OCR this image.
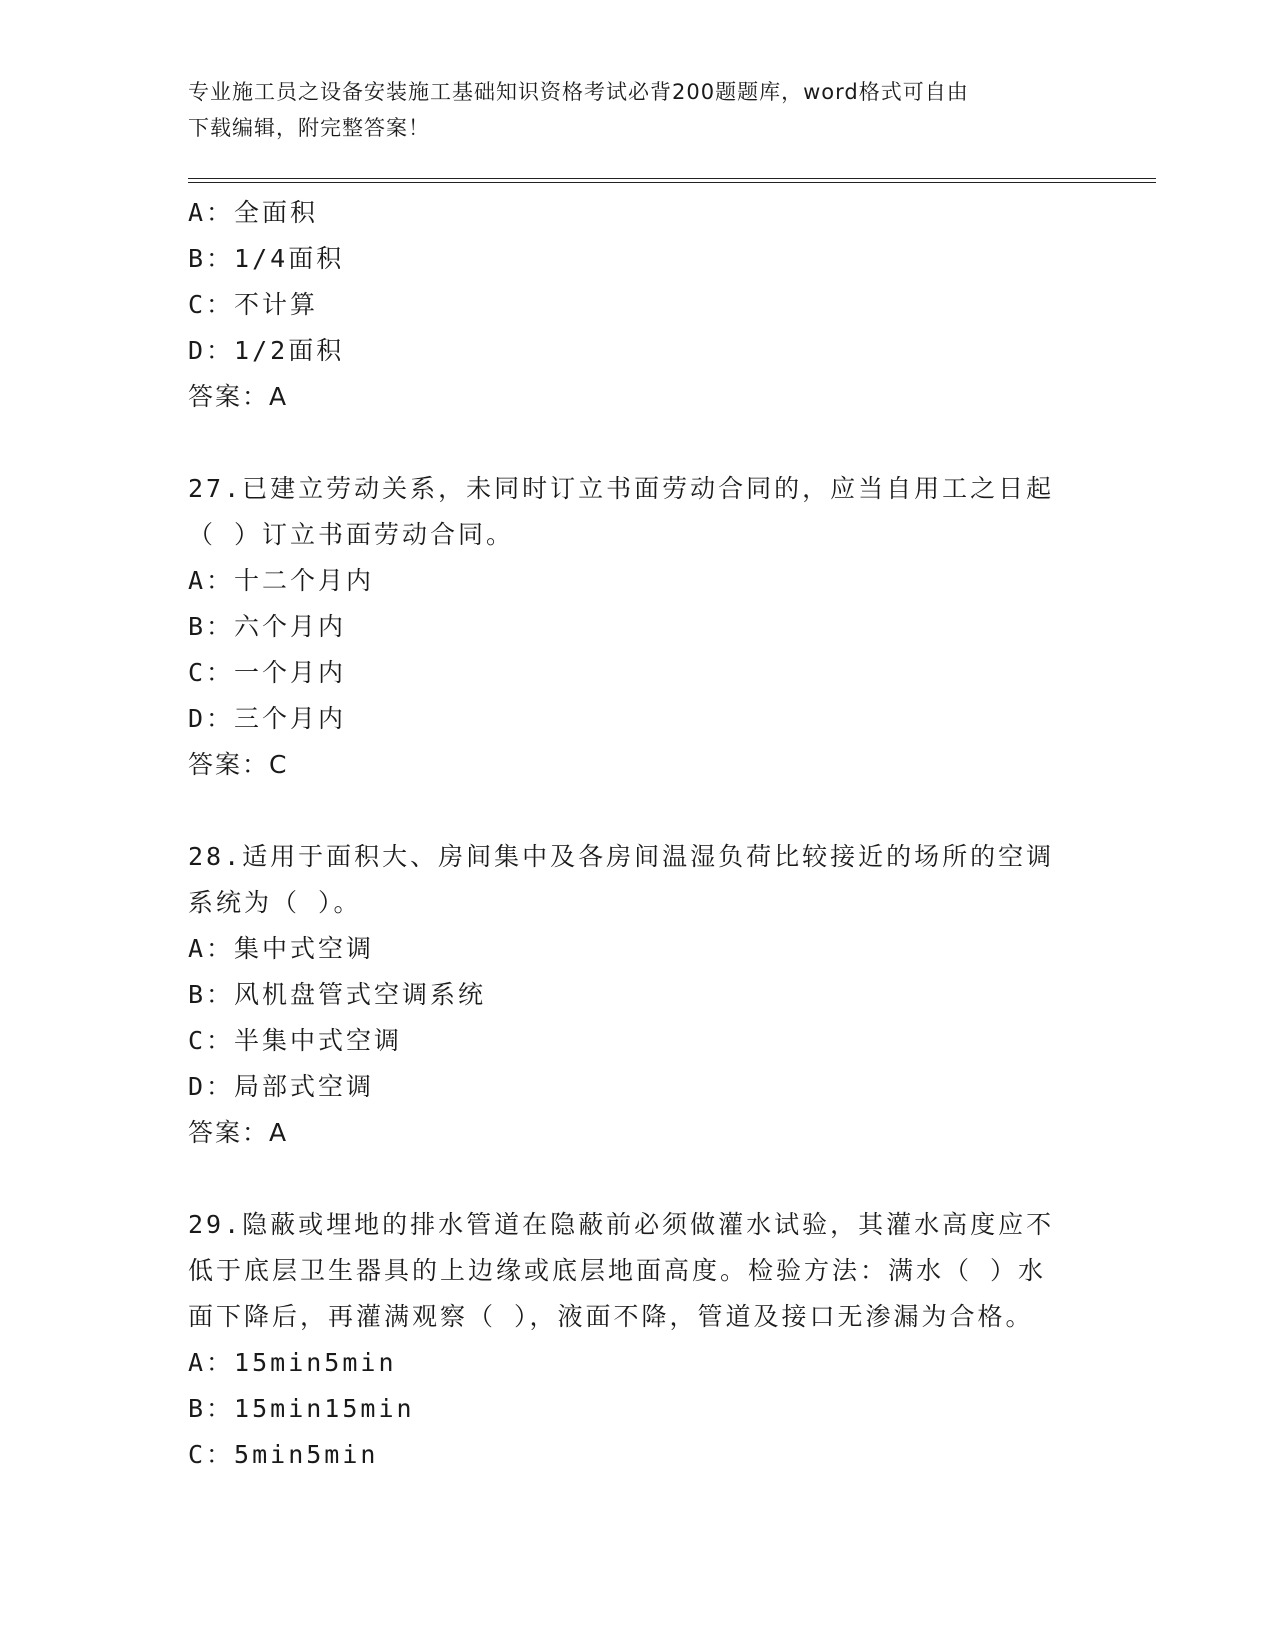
专业施工员之设备安装施工基础知识资格考试必背200题题库，word格式可自由
下载编辑，附完整答案！
A：全面积
B：1/4面积
C：不计算
D：1/2面积
答案：A
27.已建立劳动关系，未同时订立书面劳动合同的，应当自用工之日起
（ ）订立书面劳动合同。
A：十二个月内
B：六个月内
C：一个月内
D：三个月内
答案：C
28.适用于面积大、房间集中及各房间温湿负荷比较接近的场所的空调
系统为（ ）。
A：集中式空调
B：风机盘管式空调系统
C：半集中式空调
D：局部式空调
答案：A
29.隐蔽或埋地的排水管道在隐蔽前必须做灌水试验，其灌水高度应不
低于底层卫生器具的上边缘或底层地面高度。检验方法：满水（ ）水
面下降后，再灌满观察（ ），液面不降，管道及接口无渗漏为合格。
A：15min5min
B：15min15min
C：5min5min
